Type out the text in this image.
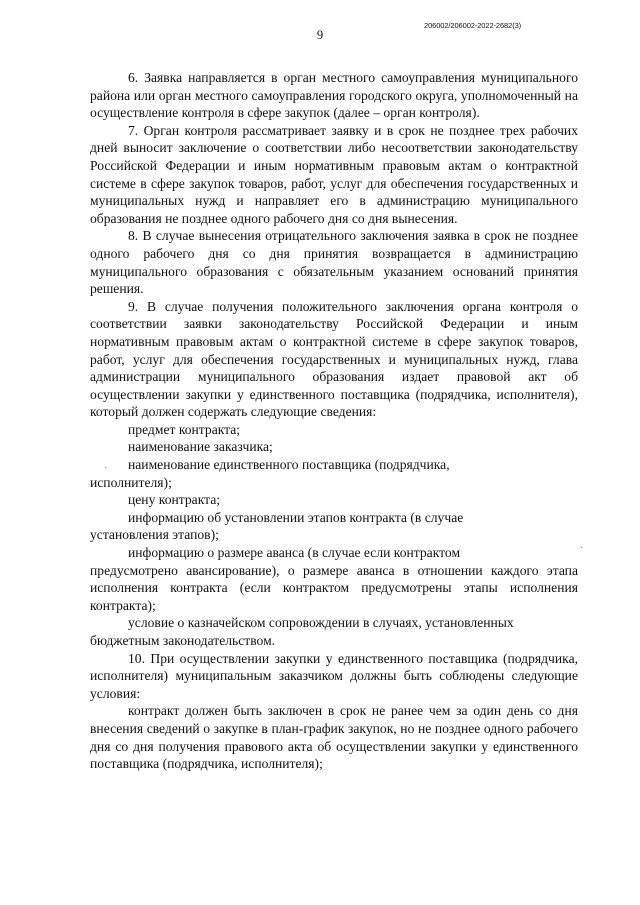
206002/206002-2022-2682(3)
9

6. Заявка направляется в орган местного самоуправления муниципального района или орган местного самоуправления городского округа, уполномоченный на осуществление контроля в сфере закупок (далее – орган контроля).

7. Орган контроля рассматривает заявку и в срок не позднее трех рабочих дней выносит заключение о соответствии либо несоответствии законодательству Российской Федерации и иным нормативным правовым актам о контрактной системе в сфере закупок товаров, работ, услуг для обеспечения государственных и муниципальных нужд и направляет его в администрацию муниципального образования не позднее одного рабочего дня со дня вынесения.

8. В случае вынесения отрицательного заключения заявка в срок не позднее одного рабочего дня со дня принятия возвращается в администрацию муниципального образования с обязательным указанием оснований принятия решения.

9. В случае получения положительного заключения органа контроля о соответствии заявки законодательству Российской Федерации и иным нормативным правовым актам о контрактной системе в сфере закупок товаров, работ, услуг для обеспечения государственных и муниципальных нужд, глава администрации муниципального образования издает правовой акт об осуществлении закупки у единственного поставщика (подрядчика, исполнителя), который должен содержать следующие сведения:

предмет контракта;

наименование заказчика;

наименование единственного поставщика (подрядчика,
исполнителя);

цену контракта;

информацию об установлении этапов контракта (в случае
установления этапов);

информацию о размере аванса (в случае если контрактом
предусмотрено авансирование), о размере аванса в отношении каждого этапа исполнения контракта (если контрактом предусмотрены этапы исполнения контракта);

условие о казначейском сопровождении в случаях, установленных
бюджетным законодательством.

10. При осуществлении закупки у единственного поставщика (подрядчика, исполнителя) муниципальным заказчиком должны быть соблюдены следующие условия:

контракт должен быть заключен в срок не ранее чем за один день со дня внесения сведений о закупке в план-график закупок, но не позднее одного рабочего дня со дня получения правового акта об осуществлении закупки у единственного поставщика (подрядчика, исполнителя);

·
·
